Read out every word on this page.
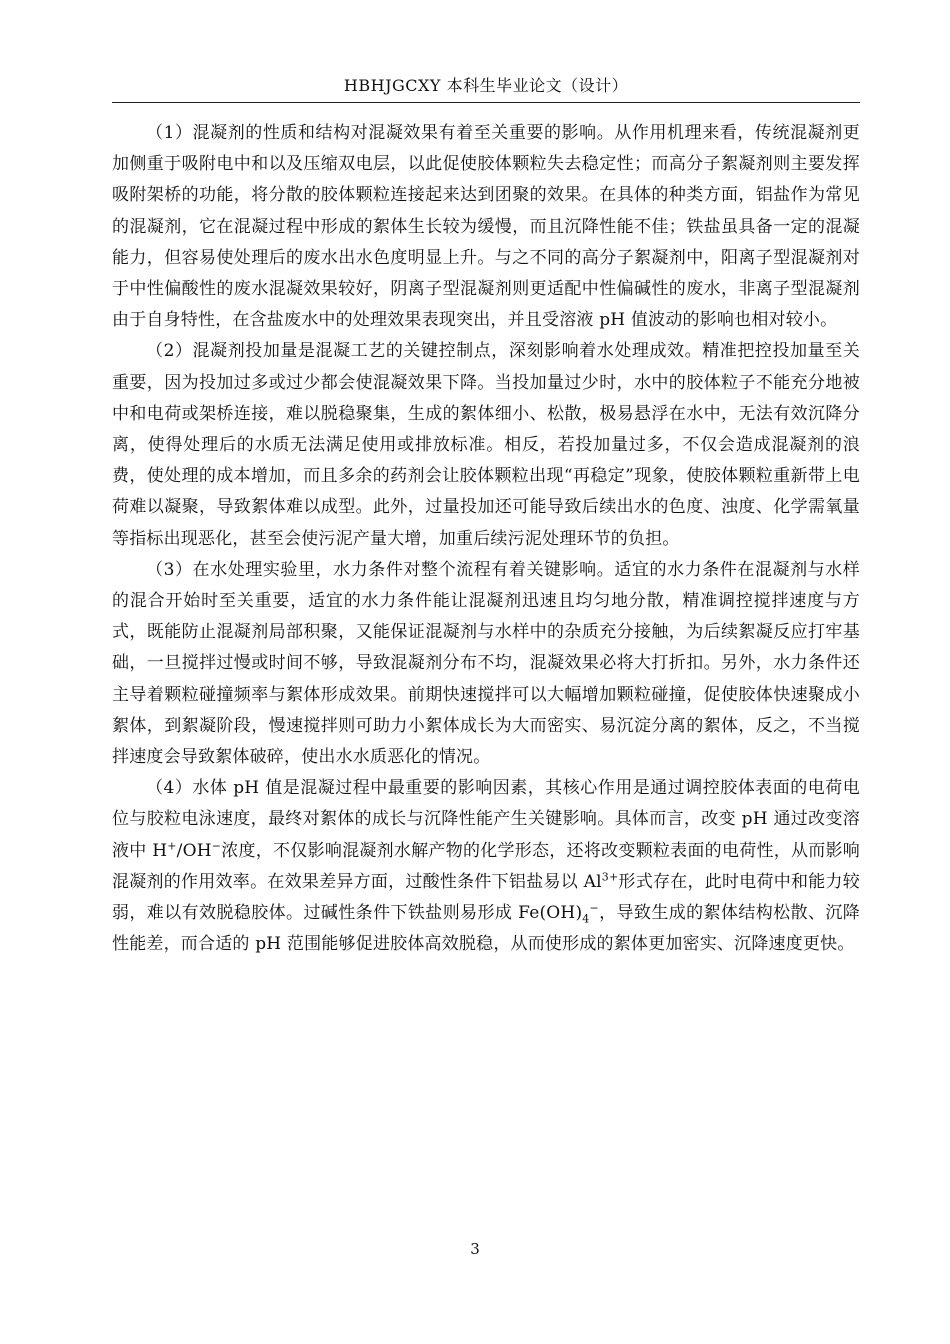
HBHJGCXY 本科生毕业论文（设计）

（1）混凝剂的性质和结构对混凝效果有着至关重要的影响。从作用机理来看，传统混凝剂更加侧重于吸附电中和以及压缩双电层，以此促使胶体颗粒失去稳定性；而高分子絮凝剂则主要发挥吸附架桥的功能，将分散的胶体颗粒连接起来达到团聚的效果。在具体的种类方面，铝盐作为常见的混凝剂，它在混凝过程中形成的絮体生长较为缓慢，而且沉降性能不佳；铁盐虽具备一定的混凝能力，但容易使处理后的废水出水色度明显上升。与之不同的高分子絮凝剂中，阳离子型混凝剂对于中性偏酸性的废水混凝效果较好，阴离子型混凝剂则更适配中性偏碱性的废水，非离子型混凝剂由于自身特性，在含盐废水中的处理效果表现突出，并且受溶液 pH 值波动的影响也相对较小。

（2）混凝剂投加量是混凝工艺的关键控制点，深刻影响着水处理成效。精准把控投加量至关重要，因为投加过多或过少都会使混凝效果下降。当投加量过少时，水中的胶体粒子不能充分地被中和电荷或架桥连接，难以脱稳聚集，生成的絮体细小、松散，极易悬浮在水中，无法有效沉降分离，使得处理后的水质无法满足使用或排放标准。相反，若投加量过多，不仅会造成混凝剂的浪费，使处理的成本增加，而且多余的药剂会让胶体颗粒出现“再稳定”现象，使胶体颗粒重新带上电荷难以凝聚，导致絮体难以成型。此外，过量投加还可能导致后续出水的色度、浊度、化学需氧量等指标出现恶化，甚至会使污泥产量大增，加重后续污泥处理环节的负担。

（3）在水处理实验里，水力条件对整个流程有着关键影响。适宜的水力条件在混凝剂与水样的混合开始时至关重要，适宜的水力条件能让混凝剂迅速且均匀地分散，精准调控搅拌速度与方式，既能防止混凝剂局部积聚，又能保证混凝剂与水样中的杂质充分接触，为后续絮凝反应打牢基础，一旦搅拌过慢或时间不够，导致混凝剂分布不均，混凝效果必将大打折扣。另外，水力条件还主导着颗粒碰撞频率与絮体形成效果。前期快速搅拌可以大幅增加颗粒碰撞，促使胶体快速聚成小絮体，到絮凝阶段，慢速搅拌则可助力小絮体成长为大而密实、易沉淀分离的絮体，反之，不当搅拌速度会导致絮体破碎，使出水水质恶化的情况。

（4）水体 pH 值是混凝过程中最重要的影响因素，其核心作用是通过调控胶体表面的电荷电位与胶粒电泳速度，最终对絮体的成长与沉降性能产生关键影响。具体而言，改变 pH 通过改变溶液中 H+/OH−浓度，不仅影响混凝剂水解产物的化学形态，还将改变颗粒表面的电荷性，从而影响混凝剂的作用效率。在效果差异方面，过酸性条件下铝盐易以 $Al^{3+}$形式存在，此时电荷中和能力较弱，难以有效脱稳胶体。过碱性条件下铁盐则易形成 $Fe(OH)_4^-$，导致生成的絮体结构松散、沉降性能差，而合适的 pH 范围能够促进胶体高效脱稳，从而使形成的絮体更加密实、沉降速度更快。

3
